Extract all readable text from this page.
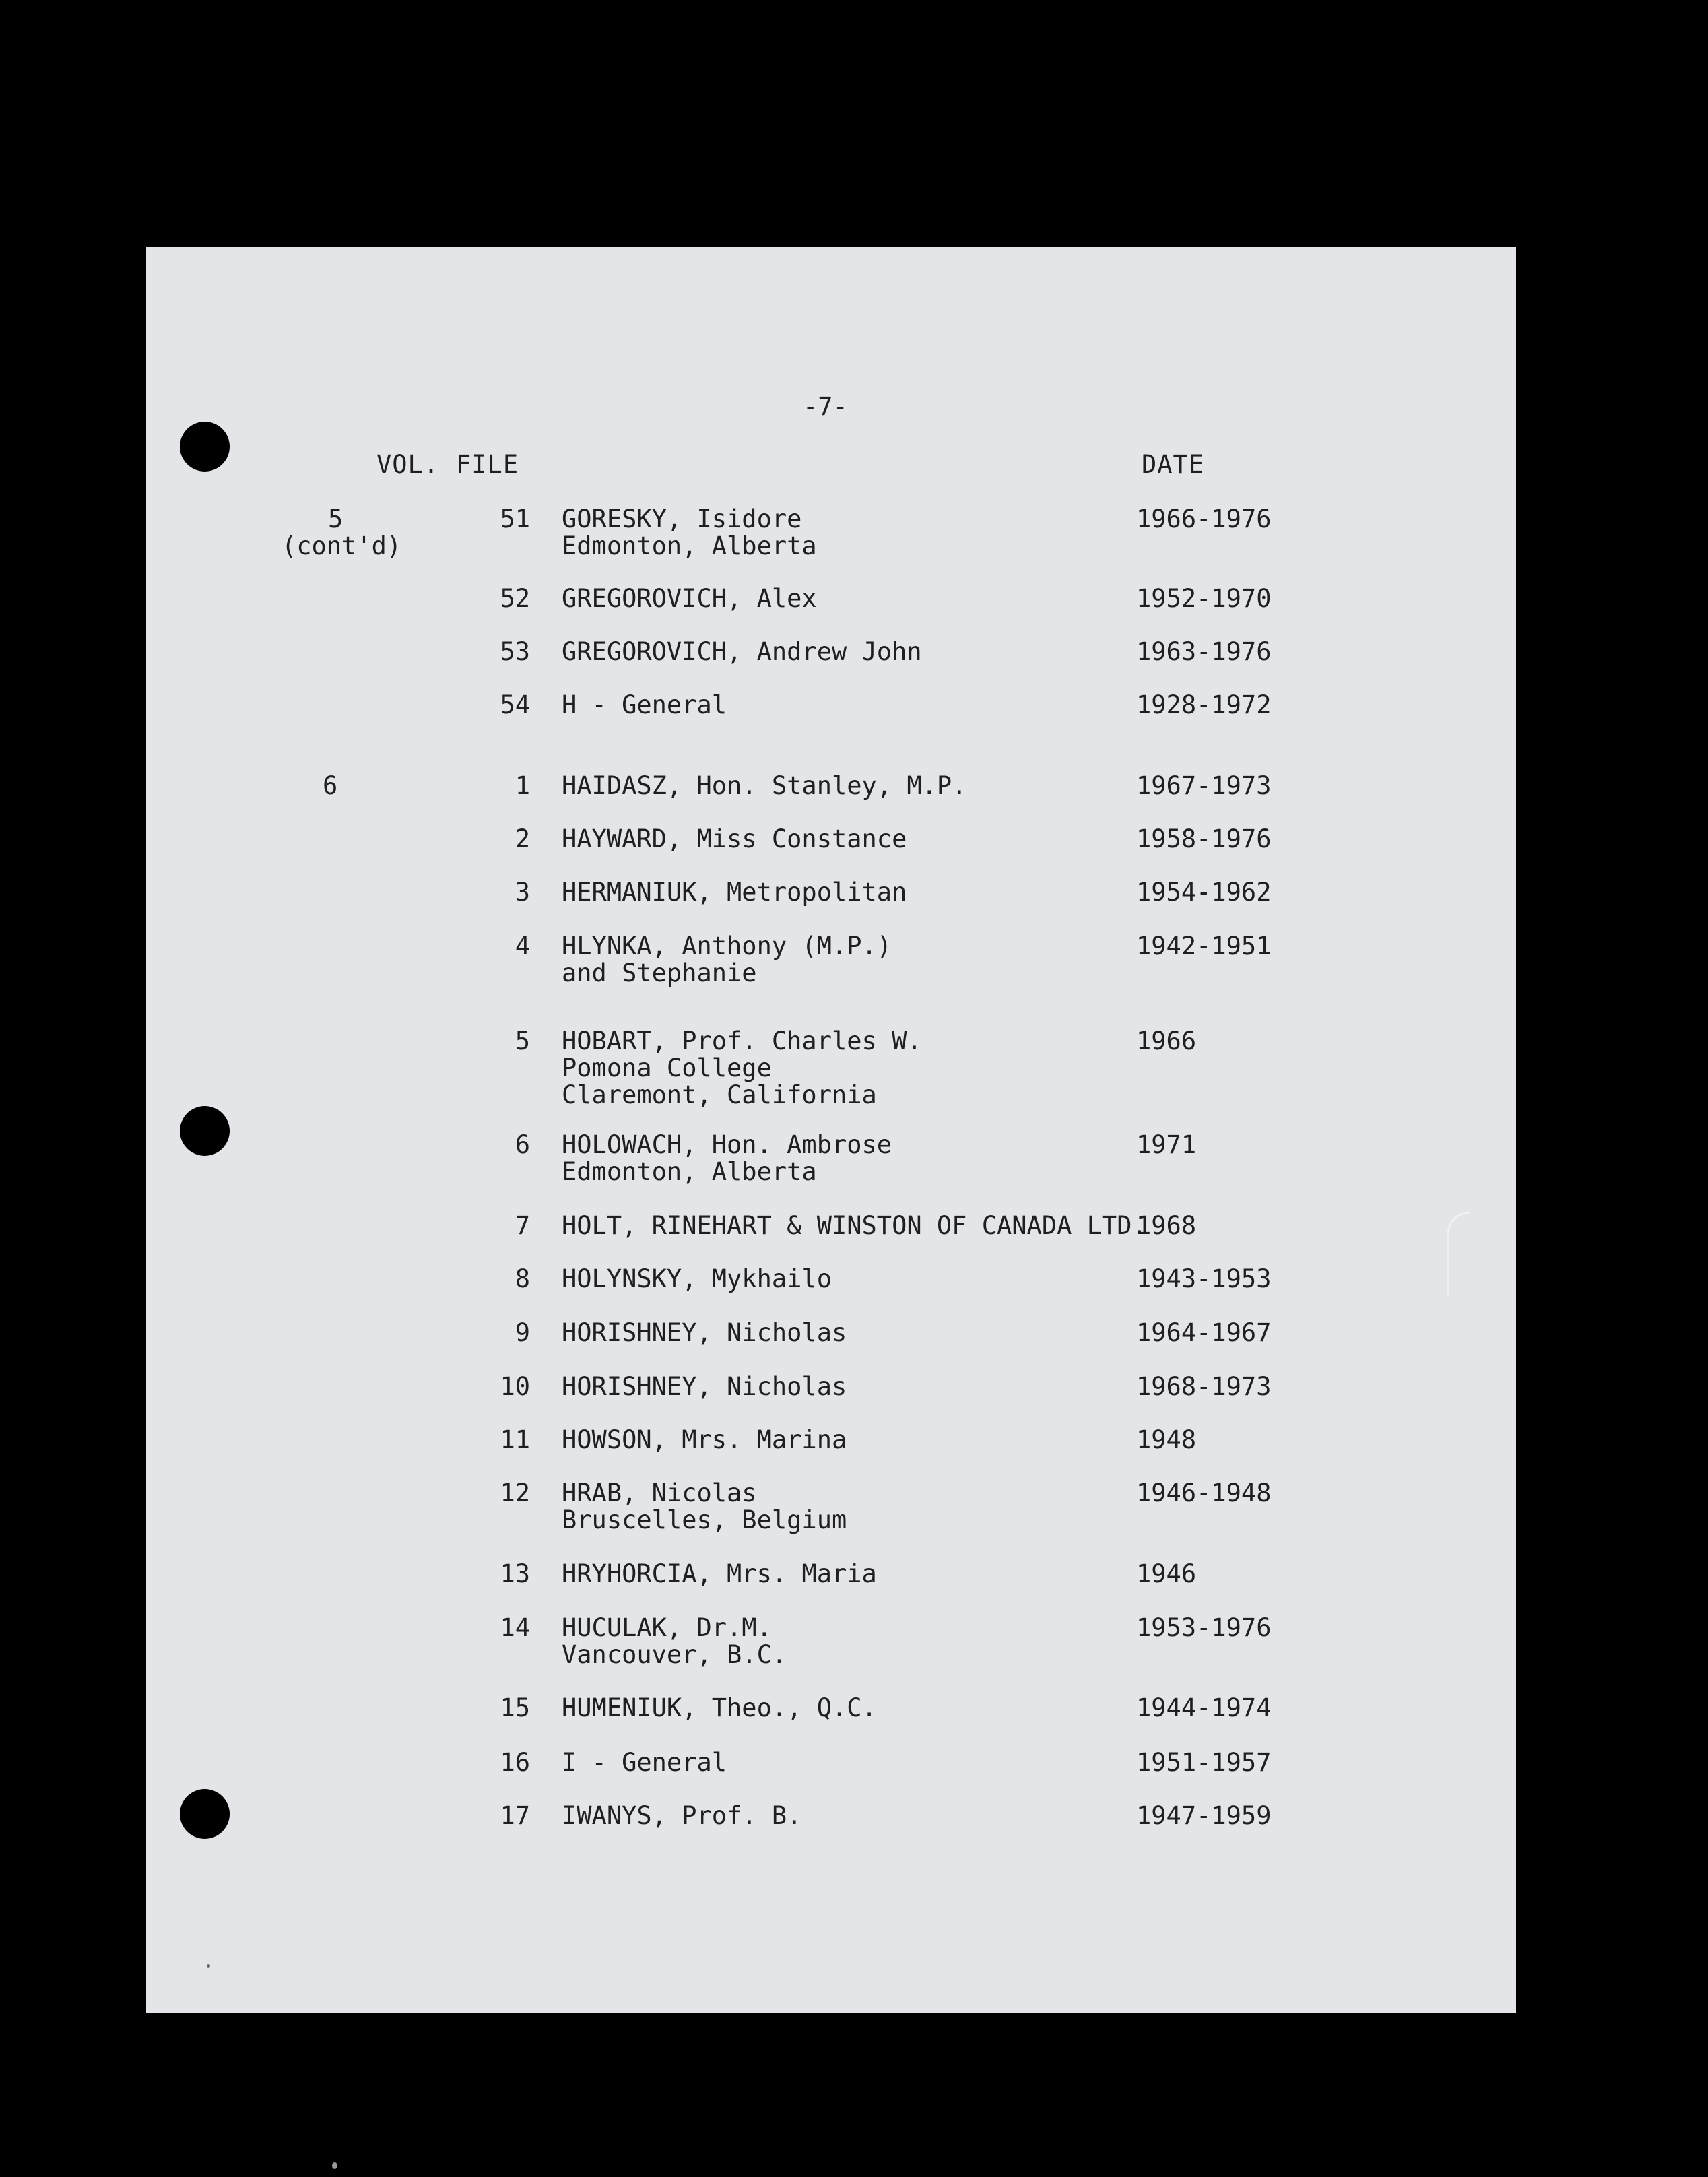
-7-
VOL. FILE	DATE
5
(cont'd)
51 GORESKY, Isidore
Edmonton, Alberta
1966-1976
52 GREGOROVICH, Alex	1952-1970
53 GREGOROVICH, Andrew John	1963-1976
54 H - General	1928-1972
6	1 HAIDASZ, Hon. Stanley, M.P.	1967-1973
2 HAYWARD, Miss Constance	1958-1976
3 HERMANIUK, Metropolitan	1954-1962
4 HLYNKA, Anthony (M.P.)
and Stephanie
1942-1951
5 HOBART, Prof. Charles W.
Pomona College
Claremont, California
1966
6 HOLOWACH, Hon. Ambrose
Edmonton, Alberta
1971
7 HOLT, RINEHART & WINSTON OF CANADA LTD.
1968
8 HOLYNSKY, Mykhailo	1943-1953
9 HORISHNEY, Nicholas	1964-1967
10 HORISHNEY, Nicholas	1968-1973
11 HOWSON, Mrs. Marina	1948
12 HRAB, Nicolas
Bruscelles, Belgium
1946-1948
13 HRYHORCIA, Mrs. Maria	1946
14 HUCULAK, Dr.M.
Vancouver, B.C.
1953-1976
15 HUMENIUK, Theo., Q.C.	1944-1974
16 I - General	1951-1957
17 IWANYS, Prof. B.	1947-1959
